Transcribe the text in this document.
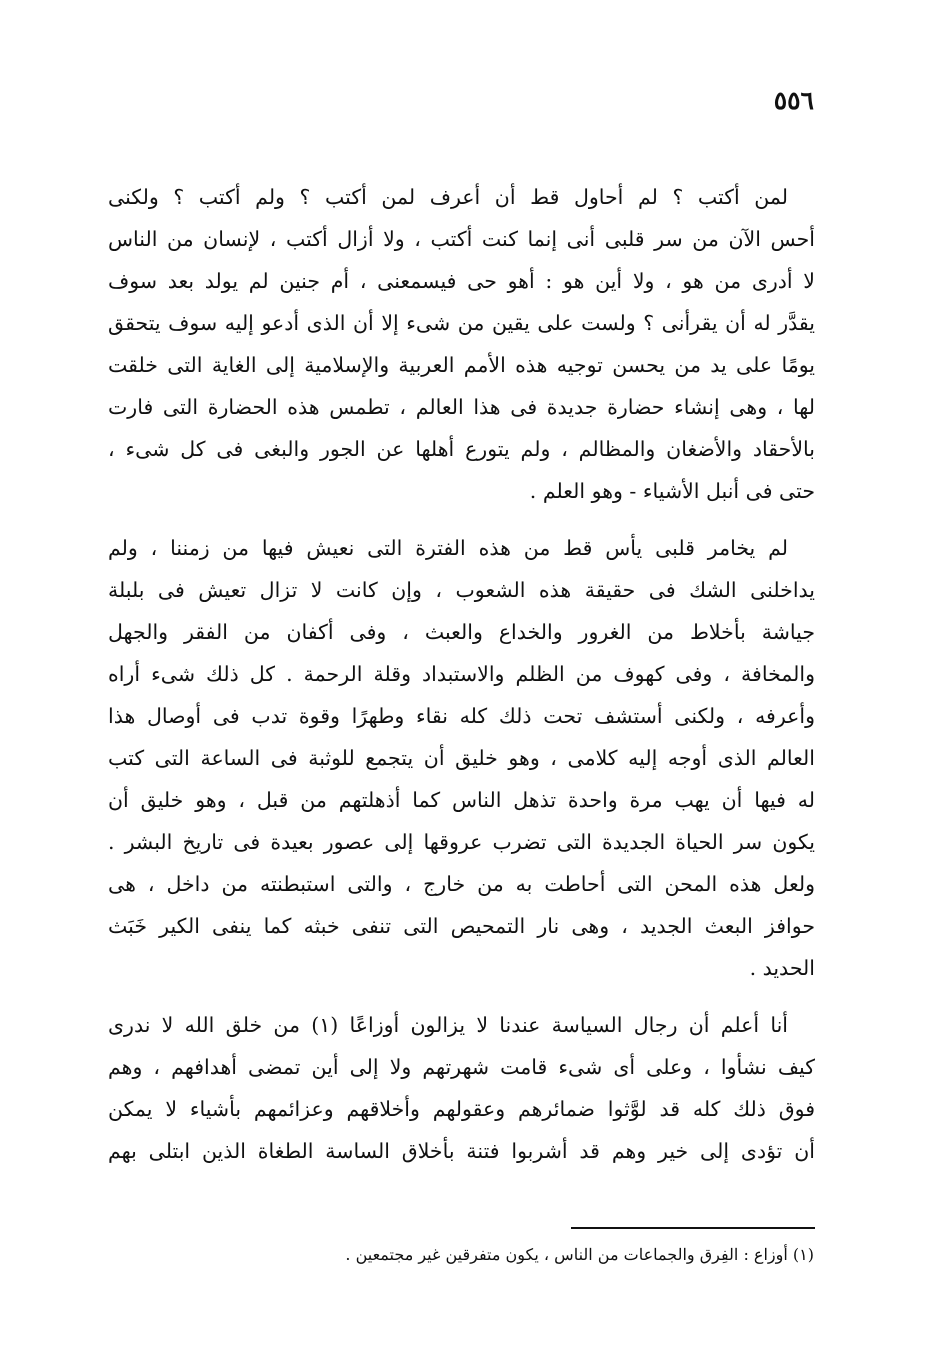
٥٥٦

لمن أكتب ؟ لم أحاول قط أن أعرف لمن أكتب ؟ ولم أكتب ؟ ولكنى
أحس الآن من سر قلبى أنى إنما كنت أكتب ، ولا أزال أكتب ، لإنسان من الناس
لا أدرى من هو ، ولا أين هو : أهو حى فيسمعنى ، أم جنين لم يولد بعد سوف
يقدَّر له أن يقرأنى ؟ ولست على يقين من شىء إلا أن الذى أدعو إليه سوف يتحقق
يومًا على يد من يحسن توجيه هذه الأمم العربية والإسلامية إلى الغاية التى خلقت
لها ، وهى إنشاء حضارة جديدة فى هذا العالم ، تطمس هذه الحضارة التى فارت
بالأحقاد والأضغان والمظالم ، ولم يتورع أهلها عن الجور والبغى فى كل شىء ،
حتى فى أنبل الأشياء - وهو العلم .

لم يخامر قلبى يأس قط من هذه الفترة التى نعيش فيها من زمننا ، ولم
يداخلنى الشك فى حقيقة هذه الشعوب ، وإن كانت لا تزال تعيش فى بلبلة
جياشة بأخلاط من الغرور والخداع والعبث ، وفى أكفان من الفقر والجهل
والمخافة ، وفى كهوف من الظلم والاستبداد وقلة الرحمة . كل ذلك شىء أراه
وأعرفه ، ولكنى أستشف تحت ذلك كله نقاء وطهرًا وقوة تدب فى أوصال هذا
العالم الذى أوجه إليه كلامى ، وهو خليق أن يتجمع للوثبة فى الساعة التى كتب
له فيها أن يهب مرة واحدة تذهل الناس كما أذهلتهم من قبل ، وهو خليق أن
يكون سر الحياة الجديدة التى تضرب عروقها إلى عصور بعيدة فى تاريخ البشر .
ولعل هذه المحن التى أحاطت به من خارج ، والتى استبطنته من داخل ، هى
حوافز البعث الجديد ، وهى نار التمحيص التى تنفى خبثه كما ينفى الكير خَبَث
الحديد .

أنا أعلم أن رجال السياسة عندنا لا يزالون أوزاعًا (١) من خلق الله لا ندرى
كيف نشأوا ، وعلى أى شىء قامت شهرتهم ولا إلى أين تمضى أهدافهم ، وهم
فوق ذلك كله قد لوَّثوا ضمائرهم وعقولهم وأخلاقهم وعزائمهم بأشياء لا يمكن
أن تؤدى إلى خير وهم قد أشربوا فتنة بأخلاق الساسة الطغاة الذين ابتلى بهم

(١) أوزاع : الفِرق والجماعات من الناس ، يكون متفرقين غير مجتمعين .
